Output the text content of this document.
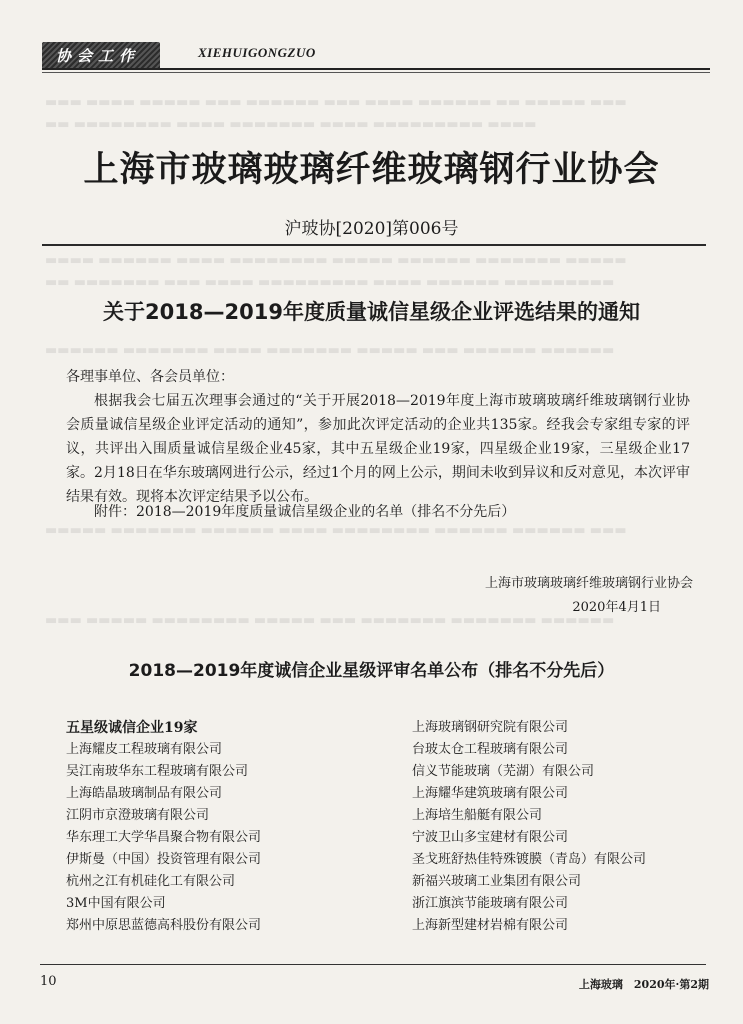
▬▬▬ ▬▬▬▬ ▬▬▬▬▬ ▬▬▬ ▬▬▬▬▬▬ ▬▬▬ ▬▬▬▬ ▬▬▬▬▬▬ ▬▬ ▬▬▬▬▬ ▬▬▬
▬▬ ▬▬▬▬▬▬▬▬ ▬▬▬▬ ▬▬▬▬▬▬▬ ▬▬▬▬ ▬▬▬▬▬▬▬▬▬ ▬▬▬▬
▬▬▬▬ ▬▬▬▬▬▬ ▬▬▬▬ ▬▬▬▬▬▬▬▬ ▬▬▬▬▬ ▬▬▬▬▬▬ ▬▬▬▬▬▬▬ ▬▬▬▬▬
▬▬ ▬▬▬▬▬▬▬ ▬▬▬ ▬▬▬▬ ▬▬▬▬▬▬▬▬▬ ▬▬▬▬ ▬▬▬▬▬▬ ▬▬▬▬▬▬▬▬▬
▬▬▬▬▬▬ ▬▬▬▬▬▬▬ ▬▬▬▬ ▬▬▬▬▬▬▬ ▬▬▬▬▬ ▬▬▬ ▬▬▬▬▬▬ ▬▬▬▬▬▬
▬▬▬▬▬ ▬▬▬▬▬▬▬ ▬▬▬▬▬▬ ▬▬▬▬ ▬▬▬▬▬▬▬▬ ▬▬▬▬▬▬ ▬▬▬▬▬▬ ▬▬▬
▬▬▬ ▬▬▬▬▬ ▬▬▬▬▬▬▬▬ ▬▬▬▬▬ ▬▬▬ ▬▬▬▬▬▬▬ ▬▬▬▬▬▬▬ ▬▬▬▬▬▬
协会工作	XIEHUIGONGZUO
上海市玻璃玻璃纤维玻璃钢行业协会
沪玻协[2020]第006号
关于2018—2019年度质量诚信星级企业评选结果的通知
各理事单位、各会员单位：
根据我会七届五次理事会通过的“关于开展2018—2019年度上海市玻璃玻璃纤维玻璃钢行业协会质量诚信星级企业评定活动的通知”，参加此次评定活动的企业共135家。经我会专家组专家的评议，共评出入围质量诚信星级企业45家，其中五星级企业19家，四星级企业19家，三星级企业17家。2月18日在华东玻璃网进行公示，经过1个月的网上公示，期间未收到异议和反对意见，本次评审结果有效。现将本次评定结果予以公布。
附件：2018—2019年度质量诚信星级企业的名单（排名不分先后）
上海市玻璃玻璃纤维玻璃钢行业协会
2020年4月1日
2018—2019年度诚信企业星级评审名单公布（排名不分先后）
五星级诚信企业19家
上海耀皮工程玻璃有限公司
吴江南玻华东工程玻璃有限公司
上海皓晶玻璃制品有限公司
江阴市京澄玻璃有限公司
华东理工大学华昌聚合物有限公司
伊斯曼（中国）投资管理有限公司
杭州之江有机硅化工有限公司
3M中国有限公司
郑州中原思蓝德高科股份有限公司
上海玻璃钢研究院有限公司
台玻太仓工程玻璃有限公司
信义节能玻璃（芜湖）有限公司
上海耀华建筑玻璃有限公司
上海培生船艇有限公司
宁波卫山多宝建材有限公司
圣戈班舒热佳特殊镀膜（青岛）有限公司
新福兴玻璃工业集团有限公司
浙江旗滨节能玻璃有限公司
上海新型建材岩棉有限公司
10	上海玻璃　2020年·第2期
